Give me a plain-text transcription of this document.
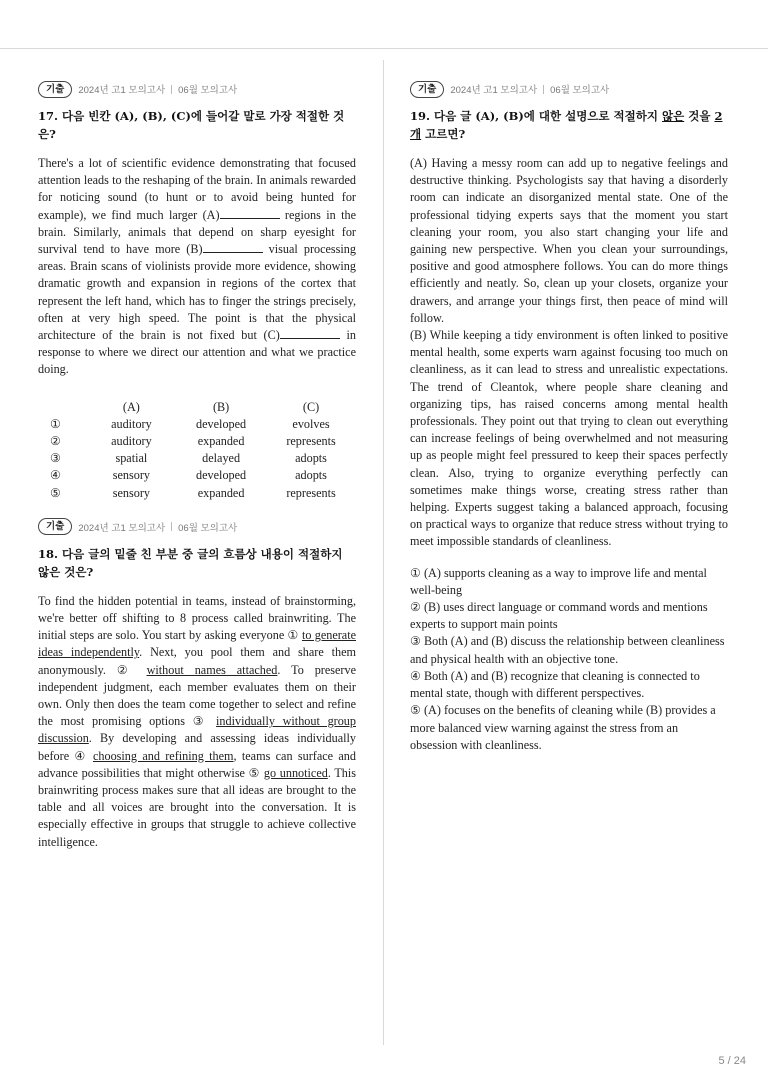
기출	2024년 고1 모의고사 06월 모의고사
17. 다음 빈칸 (A), (B), (C)에 들어갈 말로 가장 적절한 것은?

There's a lot of scientific evidence demonstrating that focused attention leads to the reshaping of the brain. In animals rewarded for noticing sound (to hunt or to avoid being hunted for example), we find much larger (A)	regions in the brain. Similarly, animals that depend on sharp eyesight for survival tend to have more (B)	visual processing areas. Brain scans of violinists provide more evidence, showing dramatic growth and expansion in regions of the cortex that represent the left hand, which has to finger the strings precisely, often at very high speed. The point is that the physical architecture of the brain is not fixed but (C)	in response to where we direct our attention and what we practice doing.

	(A)	(B)	(C)
①	auditory	developed	evolves
②	auditory	expanded	represents
③	spatial	delayed	adopts
④	sensory	developed	adopts
⑤	sensory	expanded	represents
기출	2024년 고1 모의고사 06월 모의고사
18. 다음 글의 밑줄 친 부분 중 글의 흐름상 내용이 적절하지 않은 것은?

To find the hidden potential in teams, instead of brainstorming, we're better off shifting to 8 process called brainwriting. The initial steps are solo. You start by asking everyone ① to generate ideas independently. Next, you pool them and share them anonymously. ② without names attached. To preserve independent judgment, each member evaluates them on their own. Only then does the team come together to select and refine the most promising options ③ individually without group discussion. By developing and assessing ideas individually before ④ choosing and refining them, teams can surface and advance possibilities that might otherwise ⑤ go unnoticed. This brainwriting process makes sure that all ideas are brought to the table and all voices are brought into the conversation. It is especially effective in groups that struggle to achieve collective intelligence.

기출	2024년 고1 모의고사 06월 모의고사
19. 다음 글 (A), (B)에 대한 설명으로 적절하지 않은 것을 2개 고르면?

(A) Having a messy room can add up to negative feelings and destructive thinking. Psychologists say that having a disorderly room can indicate an disorganized mental state. One of the professional tidying experts says that the moment you start cleaning your room, you also start changing your life and gaining new perspective. When you clean your surroundings, positive and good atmosphere follows. You can do more things efficiently and neatly. So, clean up your closets, organize your drawers, and arrange your things first, then peace of mind will follow.

(B) While keeping a tidy environment is often linked to positive mental health, some experts warn against focusing too much on cleanliness, as it can lead to stress and unrealistic expectations. The trend of Cleantok, where people share cleaning and organizing tips, has raised concerns among mental health professionals. They point out that trying to clean out everything can increase feelings of being overwhelmed and not measuring up as people might feel pressured to keep their spaces perfectly clean. Also, trying to organize everything perfectly can sometimes make things worse, creating stress rather than helping. Experts suggest taking a balanced approach, focusing on practical ways to organize that reduce stress without trying to meet impossible standards of cleanliness.

① (A) supports cleaning as a way to improve life and mental well-being

② (B) uses direct language or command words and mentions experts to support main points

③ Both (A) and (B) discuss the relationship between cleanliness and physical health with an objective tone.

④ Both (A) and (B) recognize that cleaning is connected to mental state, though with different perspectives.

⑤ (A) focuses on the benefits of cleaning while (B) provides a more balanced view warning against the stress from an obsession with cleanliness.

5 / 24
